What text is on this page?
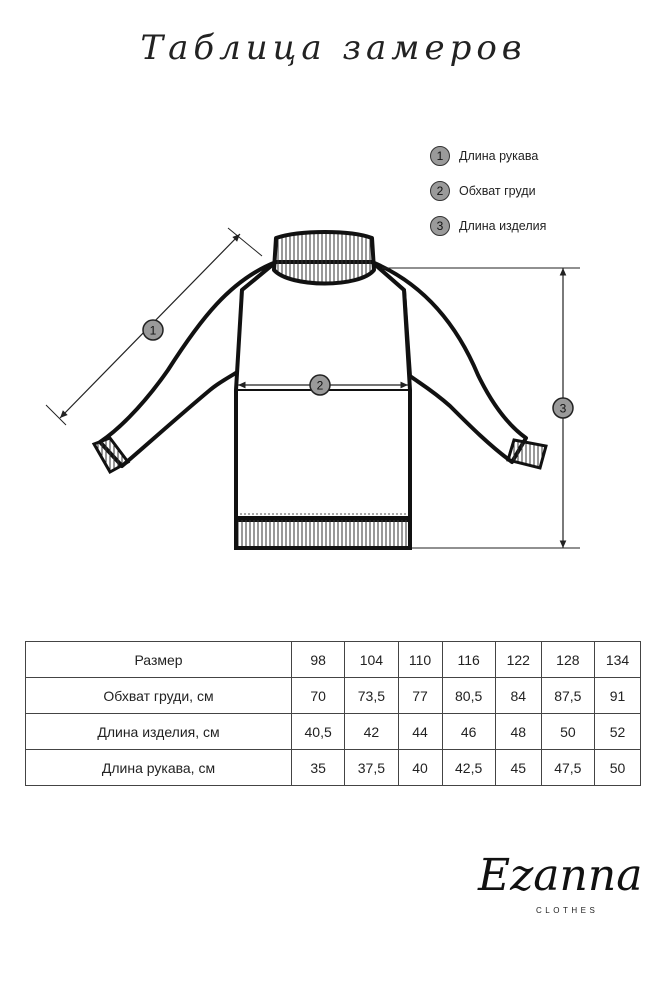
Таблица замеров
1	Длина рукава
2	Обхват груди
3	Длина изделия
1
2
3
Размер	98	104	110	116	122	128	134
Обхват груди, см	70	73,5	77	80,5	84	87,5	91
Длина изделия, см	40,5	42	44	46	48	50	52
Длина рукава, см	35	37,5	40	42,5	45	47,5	50
Ezanna
CLOTHES
